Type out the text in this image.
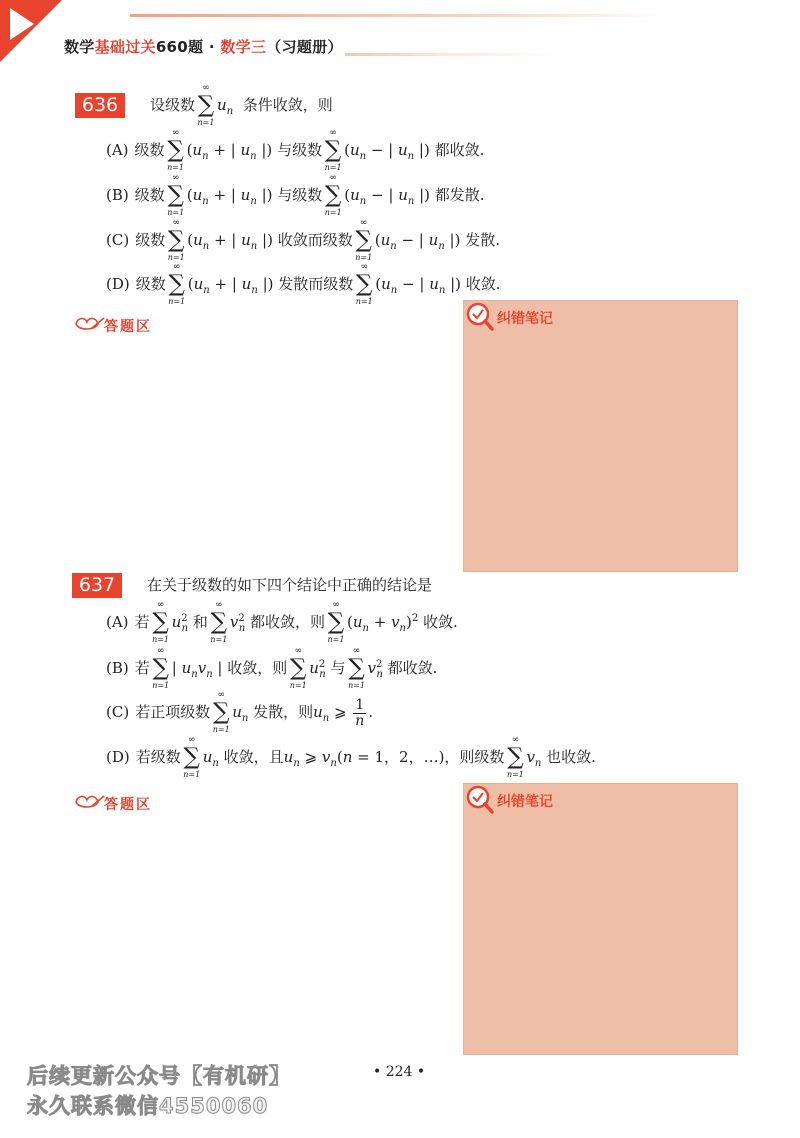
数学基础过关660题 · 数学三（习题册）
636	设级数
∞
∑
n=1
$u_n$ 条件收敛，则
(A) 级数
∞
∑
n=1
($u_n$ + | $u_n$ |) 与级数
∞
∑
n=1
($u_n$ − | $u_n$ |) 都收敛.
(B) 级数
∞
∑
n=1
($u_n$ + | $u_n$ |) 与级数
∞
∑
n=1
($u_n$ − | $u_n$ |) 都发散.
(C) 级数
∞
∑
n=1
($u_n$ + | $u_n$ |) 收敛而级数
∞
∑
n=1
($u_n$ − | $u_n$ |) 发散.
(D) 级数
∞
∑
n=1
($u_n$ + | $u_n$ |) 发散而级数
∞
∑
n=1
($u_n$ − | $u_n$ |) 收敛.
答题区	纠错笔记
637	在关于级数的如下四个结论中正确的结论是
(A) 若
∞
∑
n=1
$u^2_n$ 和
∞
∑
n=1
$v^2_n$ 都收敛，则
∞
∑
n=1
$(u_n + v_n)^2$ 收敛.
(B) 若
∞
∑
n=1
| $u_nv_n$ | 收敛，则
∞
∑
n=1
$u^2_n$ 与
∞
∑
n=1
$v^2_n$ 都收敛.
(C) 若正项级数
∞
∑
n=1
$u_n$ 发散，则$u_n$ ⩾ $\frac{1}{n}$ .
(D) 若级数
∞
∑
n=1
$u_n$ 收敛，且$u_n$ ⩾ $v_n(n = 1$，2，…)，则级数
∞
∑
n=1
$v_n$ 也收敛.
答题区	纠错笔记
• 224 •
后续更新公众号【有机研】
永久联系微信4550060
